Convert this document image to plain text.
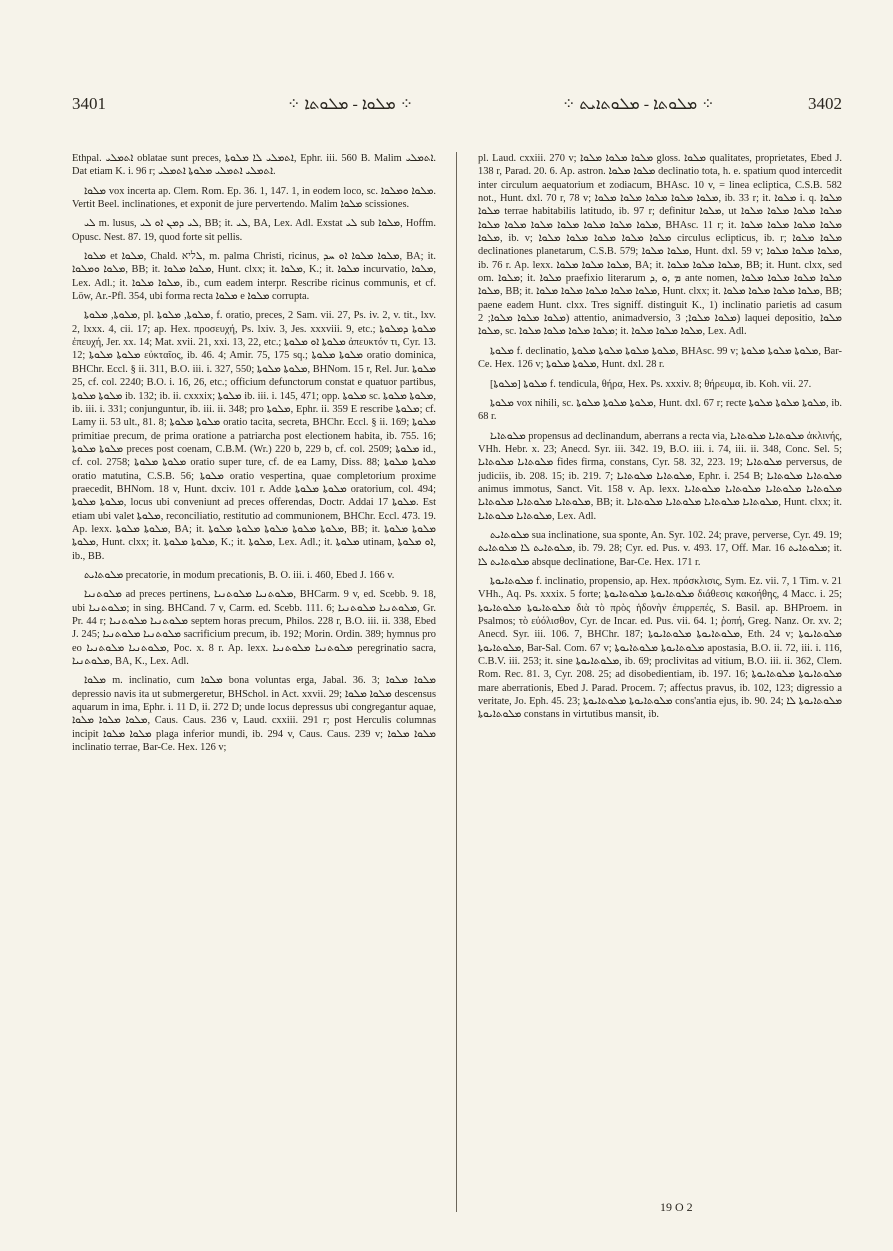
3401	⁘ ܡܠܘܐ - ܡܠܘܬܐ ⁘	⁘ ܡܠܘܬܐ - ܡܠܘܬܐܝܬ ⁘	3402

Ethpal. ܐܬܡܠܝ oblatae sunt preces, ܐܬܡܠܝ ܠܐ ܡܠܘܬܐ, Ephr. iii. 560 B. Malim ܐܬܡܠܝ. Dat etiam K. i. 96 r; ܐܬܡܠܝ ܐܬܡܠܝ ܡܠܘܬܐ ܐܬܡܠܝ.

ܡܠܘܐ vox incerta ap. Clem. Rom. Ep. 36. 1, 147. 1, in eodem loco, sc. ܡܠܘܐ ܘܡܠܘܐ. Vertit Beel. inclinationes, et exponit de jure pervertendo. Malim ܡܠܘܐ scissiones.

ܠܝ m. lusus, ܠܝ ܕܡܢ ܐܘ ܠܝ, BB; it. ܠܝ, BA, Lex. Adl. Exstat ܠܝ sub ܡܠܘܐ, Hoffm. Opusc. Nest. 87. 19, quod forte sit pellis.

ܡܠܘܐ et ܡܠܘܐ, Chald. ܠליא, m. palma Christi, ricinus, ܡܠܘܐ ܡܠܘܐ ܐܘ ܚܕ, BA; it. ܡܠܘܐ ܘܡܠܘܐ, BB; it. ܡܠܘܐ ܡܠܘܐ, Hunt. clxx; it. ܡܠܘܐ, K.; it. ܡܠܘܐ incurvatio, ܡܠܘܐ, Lex. Adl.; it. ܡܠܘܐ ܡܠܘܐ, ib., cum eadem interpr. Rescribe ricinus communis, et cf. Löw, Ar.-Pfl. 354, ubi forma recta ܡܠܘܐ e ܡܠܘܐ corrupta.

ܡܠܘܬܐ, ܡܠܘܬܐ, pl. ܡܠܘܬܐ, ܡܠܘܬܐ, f. oratio, preces, 2 Sam. vii. 27, Ps. iv. 2, v. tit., lxv. 2, lxxx. 4, cii. 17; ap. Hex. προσευχή, Ps. lxiv. 3, Jes. xxxviii. 9, etc.; ܡܠܘܬܐ ܕܡܠܘܬܐ ἐπευχή, Jer. xx. 14; Mat. xvii. 21, xxi. 13, 22, etc.; ܡܠܘܬܐ ܐܘ ܡܠܘܬܐ ἀπευκτόν τι, Cyr. 13. 12; ܡܠܘܬܐ ܡܠܘܬܐ εὐκταῖος, ib. 46. 4; Amir. 75, 175 sq.; ܡܠܘܬܐ ܡܠܘܬܐ oratio dominica, BHChr. Eccl. § ii. 311, B.O. iii. i. 327, 550; ܡܠܘܬܐ ܡܠܘܬܐ, BHNom. 15 r, Rel. Jur. ܡܠܘܬܐ 25, cf. col. 2240; B.O. i. 16, 26, etc.; officium defunctorum constat e quatuor partibus, ܡܠܘܬܐ ܡܠܘܬܐ ib. 132; ib. ii. cxxxix; ܡܠܘܬܐ ib. iii. i. 145, 471; opp. ܡܠܘܬܐ sc. ܡܠܘܬܐ ܡܠܘܬܐ, ib. iii. i. 331; conjunguntur, ib. iii. ii. 348; pro ܡܠܘܬܐ, Ephr. ii. 359 E rescribe ܡܠܘܬܐ; cf. Lamy ii. 53 ult., 81. 8; ܡܠܘܬܐ ܡܠܘܬܐ oratio tacita, secreta, BHChr. Eccl. § ii. 169; ܡܠܘܬܐ primitiae precum, de prima oratione a patriarcha post electionem habita, ib. 755. 16; ܡܠܘܬܐ ܡܠܘܬܐ preces post coenam, C.B.M. (Wr.) 220 b, 229 b, cf. col. 2509; ܡܠܘܬܐ id., cf. col. 2758; ܡܠܘܬܐ ܡܠܘܬܐ oratio super ture, cf. de ea Lamy, Diss. 88; ܡܠܘܬܐ ܡܠܘܬܐ oratio matutina, C.S.B. 56; ܡܠܘܬܐ oratio vespertina, quae completorium proxime praecedit, BHNom. 18 v, Hunt. dxciv. 101 r. Adde ܡܠܘܬܐ ܡܠܘܬܐ oratorium, col. 494; ܡܠܘܬܐ ܡܠܘܬܐ, locus ubi conveniunt ad preces offerendas, Doctr. Addai ܡܠܘܬܐ 17. Est etiam ubi valet ܡܠܘܬܐ, reconciliatio, restitutio ad communionem, BHChr. Eccl. 473. 19. Ap. lexx. ܡܠܘܬܐ ܡܠܘܬܐ, BA; it. ܡܠܘܬܐ ܡܠܘܬܐ ܡܠܘܬܐ ܡܠܘܬܐ ܡܠܘܬܐ, BB; it. ܡܠܘܬܐ ܡܠܘܬܐ ܡܠܘܬܐ, Hunt. clxx; it. ܡܠܘܬܐ ܡܠܘܬܐ, K.; it. ܡܠܘܬܐ, Lex. Adl.; it. ܡܠܘܬܐ utinam, ܐܘ ܡܠܘܬܐ, ib., BB.

ܡܠܘܬܐܝܬ precatorie, in modum precationis, B. O. iii. i. 460, Ebed J. 166 v.

ܡܠܘܬܢܝܐ ad preces pertinens, ܡܠܘܬܢܝܐ ܡܠܘܬܢܝܐ, BHCarm. 9 v, ed. Scebb. 9. 18, ubi ܡܠܘܬܢܝܐ; in sing. BHCand. 7 v, Carm. ed. Scebb. 111. 6; ܡܠܘܬܢܝܐ ܡܠܘܬܢܝܐ, Gr. Pr. 44 r; ܡܠܘܬܢܝܐ ܡܠܘܬܢܝܐ septem horas precum, Philos. 228 r, B.O. iii. ii. 338, Ebed J. 245; ܡܠܘܬܢܝܐ ܡܠܘܬܢܝܐ sacrificium precum, ib. 192; Morin. Ordin. 389; hymnus pro eo ܡܠܘܬܢܝܐ ܡܠܘܬܢܝܐ, Poc. x. 8 r. Ap. lexx. ܡܠܘܬܢܝܐ ܡܠܘܬܢܝܐ peregrinatio sacra, ܡܠܘܬܢܝܐ, BA, K., Lex. Adl.

ܡܠܘܐ m. inclinatio, cum ܡܠܘܐ bona voluntas erga, Jabal. 36. 3; ܡܠܘܐ ܡܠܘܐ depressio navis ita ut submergeretur, BHSchol. in Act. xxvii. 29; ܡܠܘܐ ܡܠܘܐ descensus aquarum in ima, Ephr. i. 11 D, ii. 272 D; unde locus depressus ubi congregantur aquae, ܡܠܘܐ ܡܠܘܐ ܡܠܘܐ, Caus. Caus. 236 v, Laud. cxxiii. 291 r; post Herculis columnas incipit ܡܠܘܐ ܡܠܘܐ plaga inferior mundi, ib. 294 v, Caus. Caus. 239 v; ܡܠܘܐ ܡܠܘܐ inclinatio terrae, Bar-Ce. Hex. 126 v;

pl. Laud. cxxiii. 270 v; ܡܠܘܐ ܡܠܘܐ ܡܠܘܐ gloss. ܡܠܘܐ qualitates, proprietates, Ebed J. 138 r, Parad. 20. 6. Ap. astron. ܡܠܘܐ ܡܠܘܐ declinatio tota, h. e. spatium quod intercedit inter circulum aequatorium et zodiacum, BHAsc. 10 v, = linea ecliptica, C.S.B. 582 not., Hunt. dxl. 70 r, 78 v; ܡܠܘܐ ܡܠܘܐ ܡܠܘܐ ܡܠܘܐ ܡܠܘܐ, ib. 33 r; it. ܡܠܘܐ i. q. ܡܠܘܐ ܡܠܘܐ terrae habitabilis latitudo, ib. 97 r; definitur ܡܠܘܐ, ut ܡܠܘܐ ܡܠܘܐ ܡܠܘܐ ܡܠܘܐ ܡܠܘܐ ܡܠܘܐ ܡܠܘܐ ܡܠܘܐ ܡܠܘܐ ܡܠܘܐ ܡܠܘܐ, BHAsc. 11 r; it. ܡܠܘܐ ܡܠܘܐ ܡܠܘܐ ܡܠܘܐ ܡܠܘܐ, ib. v; ܡܠܘܐ ܡܠܘܐ ܡܠܘܐ ܡܠܘܐ ܡܠܘܐ circulus eclipticus, ib. r; ܡܠܘܐ ܡܠܘܐ declinationes planetarum, C.S.B. 579; ܡܠܘܐ ܡܠܘܐ, Hunt. dxl. 59 v; ܡܠܘܐ ܡܠܘܐ ܡܠܘܐ, ib. 76 r. Ap. lexx. ܡܠܘܐ ܡܠܘܐ ܡܠܘܐ, BA; it. ܡܠܘܐ ܡܠܘܐ ܡܠܘܐ, BB; it. Hunt. clxx, sed om. ܡܠܘܐ; it. ܡܠܘܐ praefixio literarum ܡ ,ܘ ,ܕ ante nomen, ܡܠܘܐ ܡܠܘܐ ܡܠܘܐ ܡܠܘܐ ܡܠܘܐ, BB; it. ܡܠܘܐ ܡܠܘܐ ܡܠܘܐ ܡܠܘܐ ܡܠܘܐ, Hunt. clxx; it. ܡܠܘܐ ܡܠܘܐ ܡܠܘܐ ܡܠܘܐ, BB; paene eadem Hunt. clxx. Tres signiff. distinguit K., 1) inclinatio parietis ad casum ܡܠܘܐ ܡܠܘܐ ܡܠܘܐ; 2) attentio, animadversio, ܡܠܘܐ ܡܠܘܐ; 3) laquei depositio, ܡܠܘܐ ܡܠܘܐ, sc. ܡܠܘܐ ܡܠܘܐ ܡܠܘܐ ܡܠܘܐ; it. ܡܠܘܐ ܡܠܘܐ ܡܠܘܐ, Lex. Adl.

ܡܠܘܬܐ f. declinatio, ܡܠܘܬܐ ܡܠܘܬܐ ܡܠܘܬܐ ܡܠܘܬܐ, BHAsc. 99 v; ܡܠܘܬܐ ܡܠܘܬܐ ܡܠܘܬܐ, Bar-Ce. Hex. 126 v; ܡܠܘܬܐ ܡܠܘܬܐ, Hunt. dxl. 28 r.

ܡܠܘܬܐ [ܡܠܘܬܐ] f. tendicula, θήρα, Hex. Ps. xxxiv. 8; θήρευμα, ib. Koh. vii. 27.

ܡܠܘܬܐ vox nihili, sc. ܡܠܘܬܐ ܡܠܘܬܐ ܡܠܘܬܐ, Hunt. dxl. 67 r; recte ܡܠܘܬܐ ܡܠܘܬܐ ܡܠܘܬܐ, ib. 68 r.

ܡܠܘܬܐܝܐ propensus ad declinandum, aberrans a recta via, ܡܠܘܬܐܝܐ ܡܠܘܬܐܝܐ ἀκλινής, VHh. Hebr. x. 23; Anecd. Syr. iii. 342. 19, B.O. iii. i. 74, iii. ii. 348, Conc. Sel. 5; ܡܠܘܬܐܝܐ ܡܠܘܬܐܝܐ fides firma, constans, Cyr. 58. 32, 223. 19; ܡܠܘܬܐܝܐ perversus, de judiciis, ib. 208. 15; ib. 219. 7; ܡܠܘܬܐܝܐ ܡܠܘܬܐܝܐ, Ephr. i. 254 B; ܡܠܘܬܐܝܐ ܡܠܘܬܐܝܐ animus immotus, Sanct. Vit. 158 v. Ap. lexx. ܡܠܘܬܐܝܐ ܡܠܘܬܐܝܐ ܡܠܘܬܐܝܐ ܡܠܘܬܐܝܐ ܡܠܘܬܐܝܐ ܡܠܘܬܐܝܐ ܡܠܘܬܐܝܐ, BB; it. ܡܠܘܬܐܝܐ ܡܠܘܬܐܝܐ ܡܠܘܬܐܝܐ ܡܠܘܬܐܝܐ, Hunt. clxx; it. ܡܠܘܬܐܝܐ ܡܠܘܬܐܝܐ, Lex. Adl.

ܡܠܘܬܐܝܬ sua inclinatione, sua sponte, An. Syr. 102. 24; prave, perverse, Cyr. 49. 19; ܡܠܘܬܐܝܬ ܠܐ ܡܠܘܬܐܝܬ, ib. 79. 28; Cyr. ed. Pus. v. 493. 17, Off. Mar. ܡܠܘܬܐܝܬ 16; it. ܡܠܘܬܐܝܬ ܠܐ absque declinatione, Bar-Ce. Hex. 171 r.

ܡܠܘܬܐܝܘܬܐ f. inclinatio, propensio, ap. Hex. πρόσκλισις, Sym. Ez. vii. 7, 1 Tim. v. 21 VHh., Aq. Ps. xxxix. 5 forte; ܡܠܘܬܐܝܘܬܐ ܡܠܘܬܐܝܘܬܐ διάθεσις κακοήθης, 4 Macc. i. 25; ܡܠܘܬܐܝܘܬܐ ܡܠܘܬܐܝܘܬܐ διὰ τὸ πρὸς ἡδονὴν ἐπιρρεπές, S. Basil. ap. BHProem. in Psalmos; τὸ εὐόλισθον, Cyr. de Incar. ed. Pus. vii. 64. 1; ῥοπή, Greg. Nanz. Or. xv. 2; Anecd. Syr. iii. 106. 7, BHChr. 187; ܡܠܘܬܐܝܘܬܐ ܡܠܘܬܐܝܘܬܐ, Eth. 24 v; ܡܠܘܬܐܝܘܬܐ ܡܠܘܬܐܝܘܬܐ, Bar-Sal. Com. 67 v; ܡܠܘܬܐܝܘܬܐ ܡܠܘܬܐܝܘܬܐ apostasia, B.O. ii. 72, iii. i. 116, C.B.V. iii. 253; it. sine ܡܠܘܬܐܝܘܬܐ, ib. 69; proclivitas ad vitium, B.O. iii. ii. 362, Clem. Rom. Rec. 81. 3, Cyr. 208. 25; ad disobedientiam, ib. 197. 16; ܡܠܘܬܐܝܘܬܐ ܡܠܘܬܐܝܘܬܐ mare aberrationis, Ebed J. Parad. Procem. 7; affectus pravus, ib. 102, 123; digressio a veritate, Jo. Eph. 45. 23; ܡܠܘܬܐܝܘܬܐ ܡܠܘܬܐܝܘܬܐ cons'antia ejus, ib. 90. 24; ܡܠܘܬܐܝܘܬܐ ܠܐ ܡܠܘܬܐܝܘܬܐ constans in virtutibus mansit, ib.

19 O 2
